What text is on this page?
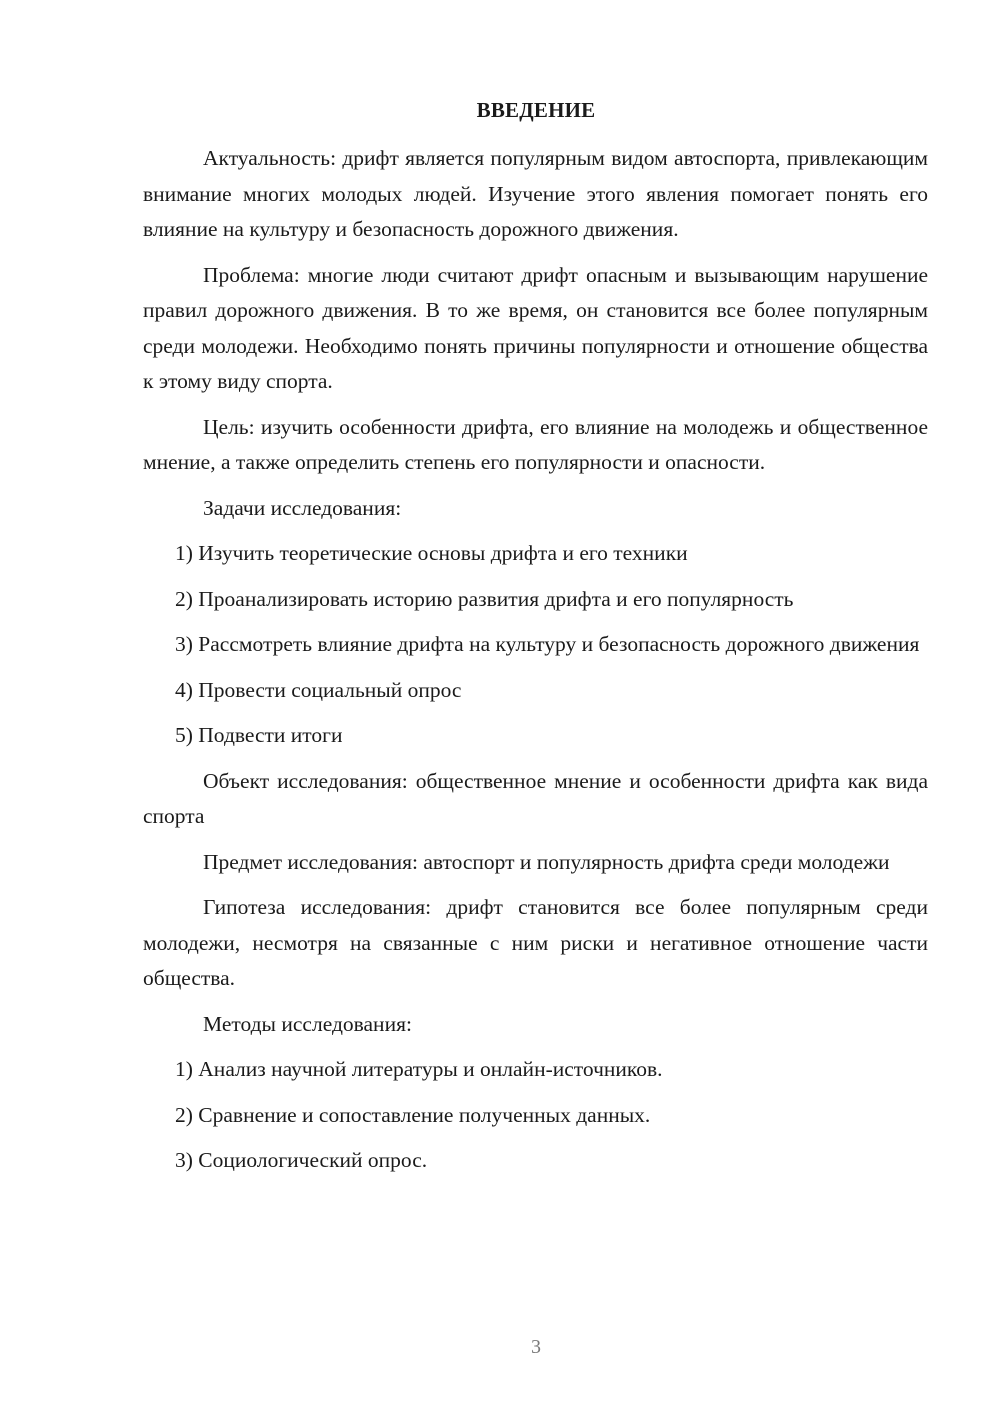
ВВЕДЕНИЕ

Актуальность: дрифт является популярным видом автоспорта, привлекающим внимание многих молодых людей. Изучение этого явления помогает понять его влияние на культуру и безопасность дорожного движения.

Проблема: многие люди считают дрифт опасным и вызывающим нарушение правил дорожного движения. В то же время, он становится все более популярным среди молодежи. Необходимо понять причины популярности и отношение общества к этому виду спорта.

Цель: изучить особенности дрифта, его влияние на молодежь и общественное мнение, а также определить степень его популярности и опасности.

Задачи исследования:

1) Изучить теоретические основы дрифта и его техники

2) Проанализировать историю развития дрифта и его популярность

3) Рассмотреть влияние дрифта на культуру и безопасность дорожного движения

4) Провести социальный опрос

5) Подвести итоги

Объект исследования: общественное мнение и особенности дрифта как вида спорта

Предмет исследования: автоспорт и популярность дрифта среди молодежи

Гипотеза исследования: дрифт становится все более популярным среди молодежи, несмотря на связанные с ним риски и негативное отношение части общества.

Методы исследования:

1) Анализ научной литературы и онлайн-источников.

2) Сравнение и сопоставление полученных данных.

3) Социологический опрос.

3
